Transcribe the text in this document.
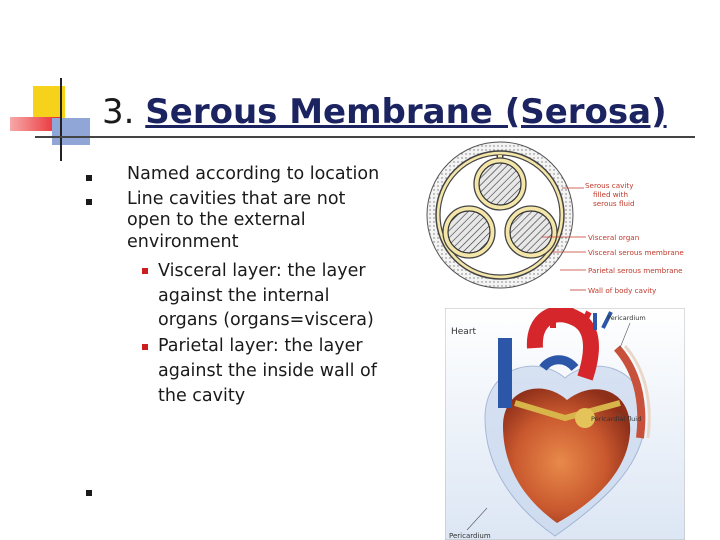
3. Serous Membrane (Serosa)
Named according to location
Line cavities that are not
open to the external
environment
Visceral layer: the layer
against the internal
organs (organs=viscera)
Parietal layer: the layer
against the inside wall of
the cavity
Serous cavity
filled with
serous fluid
Visceral organ
Visceral serous membrane
Parietal serous membrane
Wall of body cavity
Heart
Pericardium
Pericardial fluid
Pericardium
